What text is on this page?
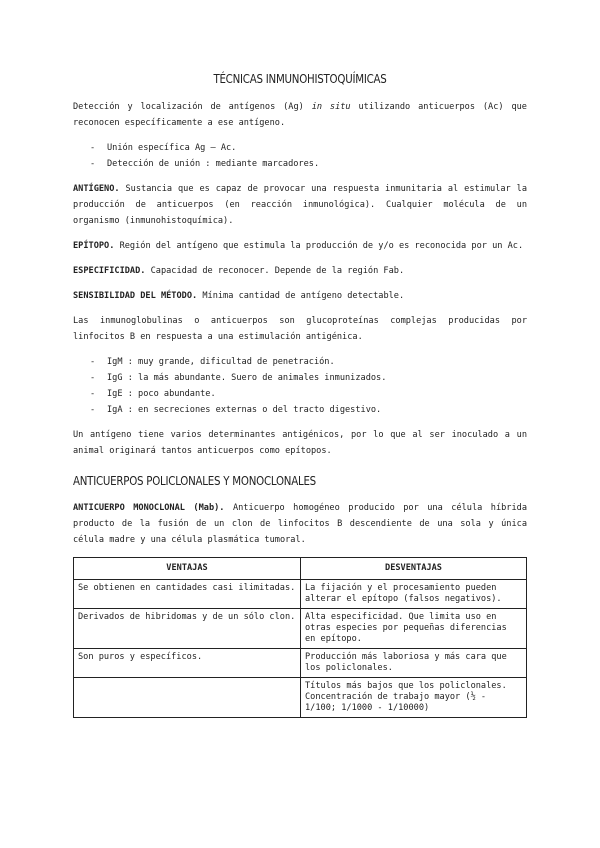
TÉCNICAS INMUNOHISTOQUÍMICAS

Detección y localización de antígenos (Ag) in situ utilizando anticuerpos (Ac) que reconocen específicamente a ese antígeno.

- Unión específica Ag – Ac.
- Detección de unión : mediante marcadores.

ANTÍGENO. Sustancia que es capaz de provocar una respuesta inmunitaria al estimular la producción de anticuerpos (en reacción inmunológica). Cualquier molécula de un organismo (inmunohistoquímica).

EPÍTOPO. Región del antígeno que estimula la producción de y/o es reconocida por un Ac.

ESPECIFICIDAD. Capacidad de reconocer. Depende de la región Fab.

SENSIBILIDAD DEL MÉTODO. Mínima cantidad de antígeno detectable.

Las inmunoglobulinas o anticuerpos son glucoproteínas complejas producidas por linfocitos B en respuesta a una estimulación antigénica.

- IgM : muy grande, dificultad de penetración.
- IgG : la más abundante. Suero de animales inmunizados.
- IgE : poco abundante.
- IgA : en secreciones externas o del tracto digestivo.

Un antígeno tiene varios determinantes antigénicos, por lo que al ser inoculado a un animal originará tantos anticuerpos como epítopos.

ANTICUERPOS POLICLONALES Y MONOCLONALES

ANTICUERPO MONOCLONAL (Mab). Anticuerpo homogéneo producido por una célula híbrida producto de la fusión de un clon de linfocitos B descendiente de una sola y única célula madre y una célula plasmática tumoral.

VENTAJAS	DESVENTAJAS
Se obtienen en cantidades casi ilimitadas.	La fijación y el procesamiento pueden alterar el epítopo (falsos negativos).
Derivados de hibridomas y de un sólo clon.	Alta especificidad. Que limita uso en otras especies por pequeñas diferencias en epítopo.
Son puros y específicos.	Producción más laboriosa y más cara que los policlonales.
	Títulos más bajos que los policlonales. Concentración de trabajo mayor (½ - 1/100; 1/1000 - 1/10000)
